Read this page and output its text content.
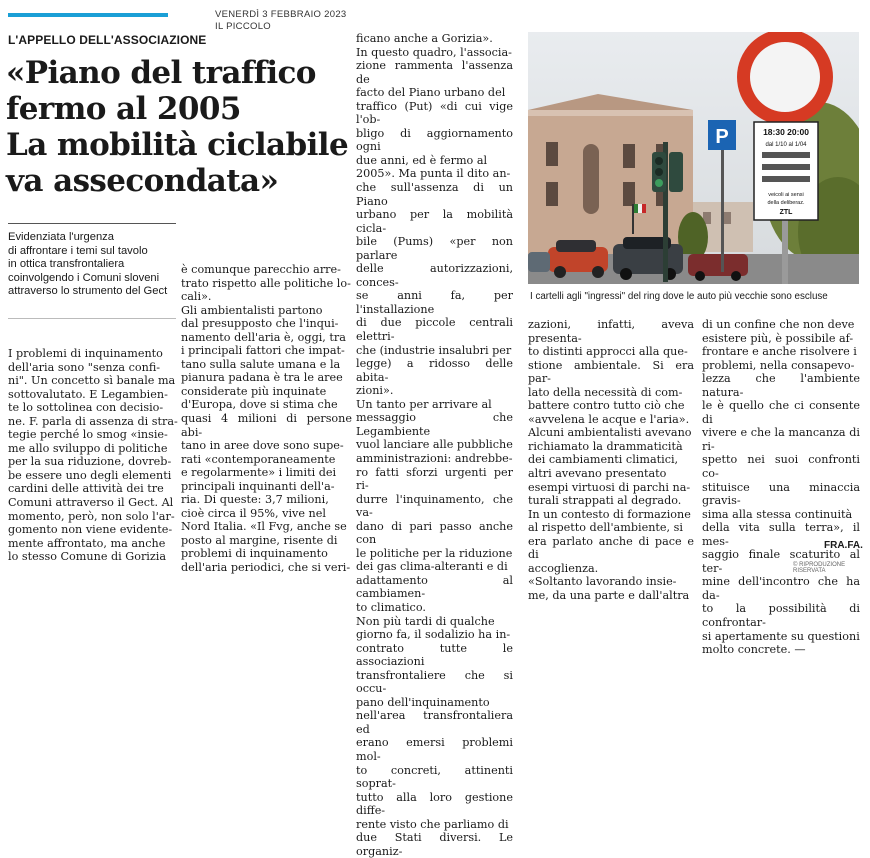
VENERDÌ 3 FEBBRAIO 2023
IL PICCOLO
L'APPELLO DELL'ASSOCIAZIONE
«Piano del traffico
fermo al 2005
La mobilità ciclabile
va assecondata»
Evidenziata l'urgenza
di affrontare i temi sul tavolo
in ottica transfrontaliera
coinvolgendo i Comuni sloveni
attraverso lo strumento del Gect
I problemi di inquinamento
dell'aria sono "senza confi-
ni". Un concetto sì banale ma
sottovalutato. E Legambien-
te lo sottolinea con decisio-
ne. F. parla di assenza di stra-
tegie perché lo smog «insie-
me allo sviluppo di politiche
per la sua riduzione, dovreb-
be essere uno degli elementi
cardini delle attività dei tre
Comuni attraverso il Gect. Al
momento, però, non solo l'ar-
gomento non viene evidente-
mente affrontato, ma anche
lo stesso Comune di Gorizia
è comunque parecchio arre-
trato rispetto alle politiche lo-
cali».
Gli ambientalisti partono
dal presupposto che l'inqui-
namento dell'aria è, oggi, tra
i principali fattori che impat-
tano sulla salute umana e la
pianura padana è tra le aree
considerate più inquinate
d'Europa, dove si stima che
quasi 4 milioni di persone abi-
tano in aree dove sono supe-
rati «contemporaneamente
e regolarmente» i limiti dei
principali inquinanti dell'a-
ria. Di queste: 3,7 milioni,
cioè circa il 95%, vive nel
Nord Italia. «Il Fvg, anche se
posto al margine, risente di
problemi di inquinamento
dell'aria periodici, che si veri-
ficano anche a Gorizia».
In questo quadro, l'associa-
zione rammenta l'assenza de
facto del Piano urbano del
traffico (Put) «di cui vige l'ob-
bligo di aggiornamento ogni
due anni, ed è fermo al
2005». Ma punta il dito an-
che sull'assenza di un Piano
urbano per la mobilità cicla-
bile (Pums) «per non parlare
delle autorizzazioni, conces-
se anni fa, per l'installazione
di due piccole centrali elettri-
che (industrie insalubri per
legge) a ridosso delle abita-
zioni».
Un tanto per arrivare al
messaggio che Legambiente
vuol lanciare alle pubbliche
amministrazioni: andrebbe-
ro fatti sforzi urgenti per ri-
durre l'inquinamento, che va-
dano di pari passo anche con
le politiche per la riduzione
dei gas clima-alteranti e di
adattamento al cambiamen-
to climatico.
Non più tardi di qualche
giorno fa, il sodalizio ha in-
contrato tutte le associazioni
transfrontaliere che si occu-
pano dell'inquinamento
nell'area transfrontaliera ed
erano emersi problemi mol-
to concreti, attinenti soprat-
tutto alla loro gestione diffe-
rente visto che parliamo di
due Stati diversi. Le organiz-
P	18:30 20:00
dal 1/10 al 1/04
veicoli ai sensi
della deliberaz.
ZTL
I cartelli agli "ingressi" del ring dove le auto più vecchie sono escluse
zazioni, infatti, aveva presenta-
to distinti approcci alla que-
stione ambientale. Si era par-
lato della necessità di com-
battere contro tutto ciò che
«avvelena le acque e l'aria».
Alcuni ambientalisti avevano
richiamato la drammaticità
dei cambiamenti climatici,
altri avevano presentato
esempi virtuosi di parchi na-
turali strappati al degrado.
In un contesto di formazione
al rispetto dell'ambiente, si
era parlato anche di pace e di
accoglienza.
«Soltanto lavorando insie-
me, da una parte e dall'altra
di un confine che non deve
esistere più, è possibile af-
frontare e anche risolvere i
problemi, nella consapevo-
lezza che l'ambiente natura-
le è quello che ci consente di
vivere e che la mancanza di ri-
spetto nei suoi confronti co-
stituisce una minaccia gravis-
sima alla stessa continuità
della vita sulla terra», il mes-
saggio finale scaturito al ter-
mine dell'incontro che ha da-
to la possibilità di confrontar-
si apertamente su questioni
molto concrete. —
FRA.FA.
© RIPRODUZIONE RISERVATA
